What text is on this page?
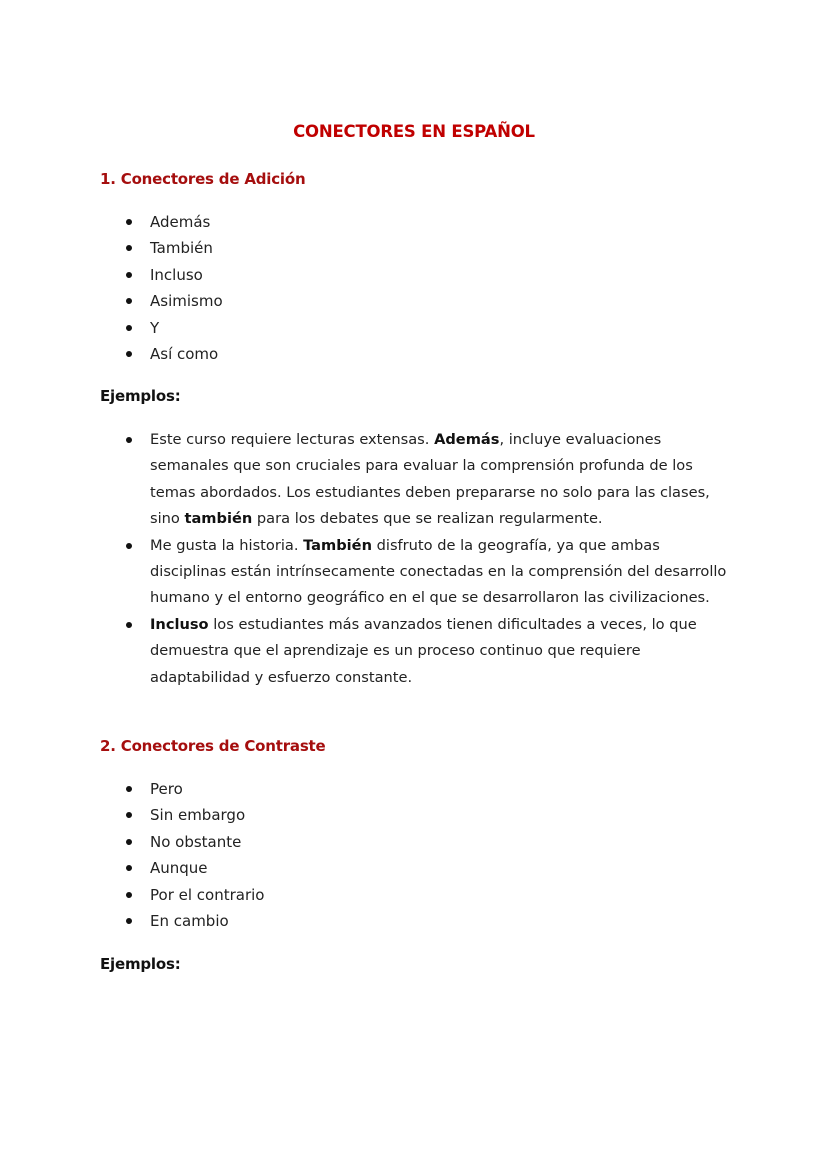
CONECTORES EN ESPAÑOL
1. Conectores de Adición
Además
También
Incluso
Asimismo
Y
Así como
Ejemplos:
Este curso requiere lecturas extensas. Además, incluye evaluaciones semanales que son cruciales para evaluar la comprensión profunda de los temas abordados. Los estudiantes deben prepararse no solo para las clases, sino también para los debates que se realizan regularmente.
Me gusta la historia. También disfruto de la geografía, ya que ambas disciplinas están intrínsecamente conectadas en la comprensión del desarrollo humano y el entorno geográfico en el que se desarrollaron las civilizaciones.
Incluso los estudiantes más avanzados tienen dificultades a veces, lo que demuestra que el aprendizaje es un proceso continuo que requiere adaptabilidad y esfuerzo constante.
2. Conectores de Contraste
Pero
Sin embargo
No obstante
Aunque
Por el contrario
En cambio
Ejemplos:
